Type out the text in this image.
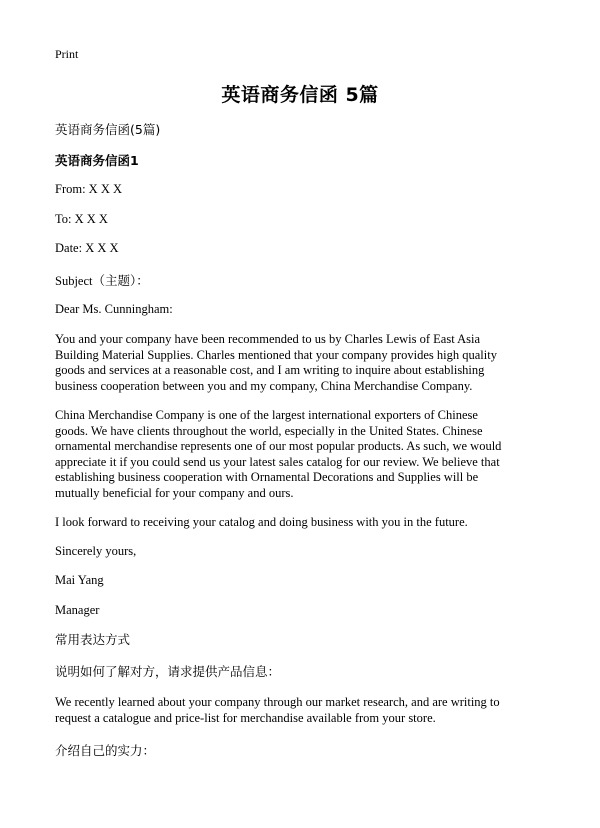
Print
英语商务信函 5篇
英语商务信函(5篇)
英语商务信函1
From: X X X
To: X X X
Date: X X X
Subject（主题）：
Dear Ms. Cunningham:
You and your company have been recommended to us by Charles Lewis of East Asia
Building Material Supplies. Charles mentioned that your company provides high quality
goods and services at a reasonable cost, and I am writing to inquire about establishing
business cooperation between you and my company, China Merchandise Company.
China Merchandise Company is one of the largest international exporters of Chinese
goods. We have clients throughout the world, especially in the United States. Chinese
ornamental merchandise represents one of our most popular products. As such, we would
appreciate it if you could send us your latest sales catalog for our review. We believe that
establishing business cooperation with Ornamental Decorations and Supplies will be
mutually beneficial for your company and ours.
I look forward to receiving your catalog and doing business with you in the future.
Sincerely yours,
Mai Yang
Manager
常用表达方式
说明如何了解对方，请求提供产品信息：
We recently learned about your company through our market research, and are writing to
request a catalogue and price-list for merchandise available from your store.
介绍自己的实力：
